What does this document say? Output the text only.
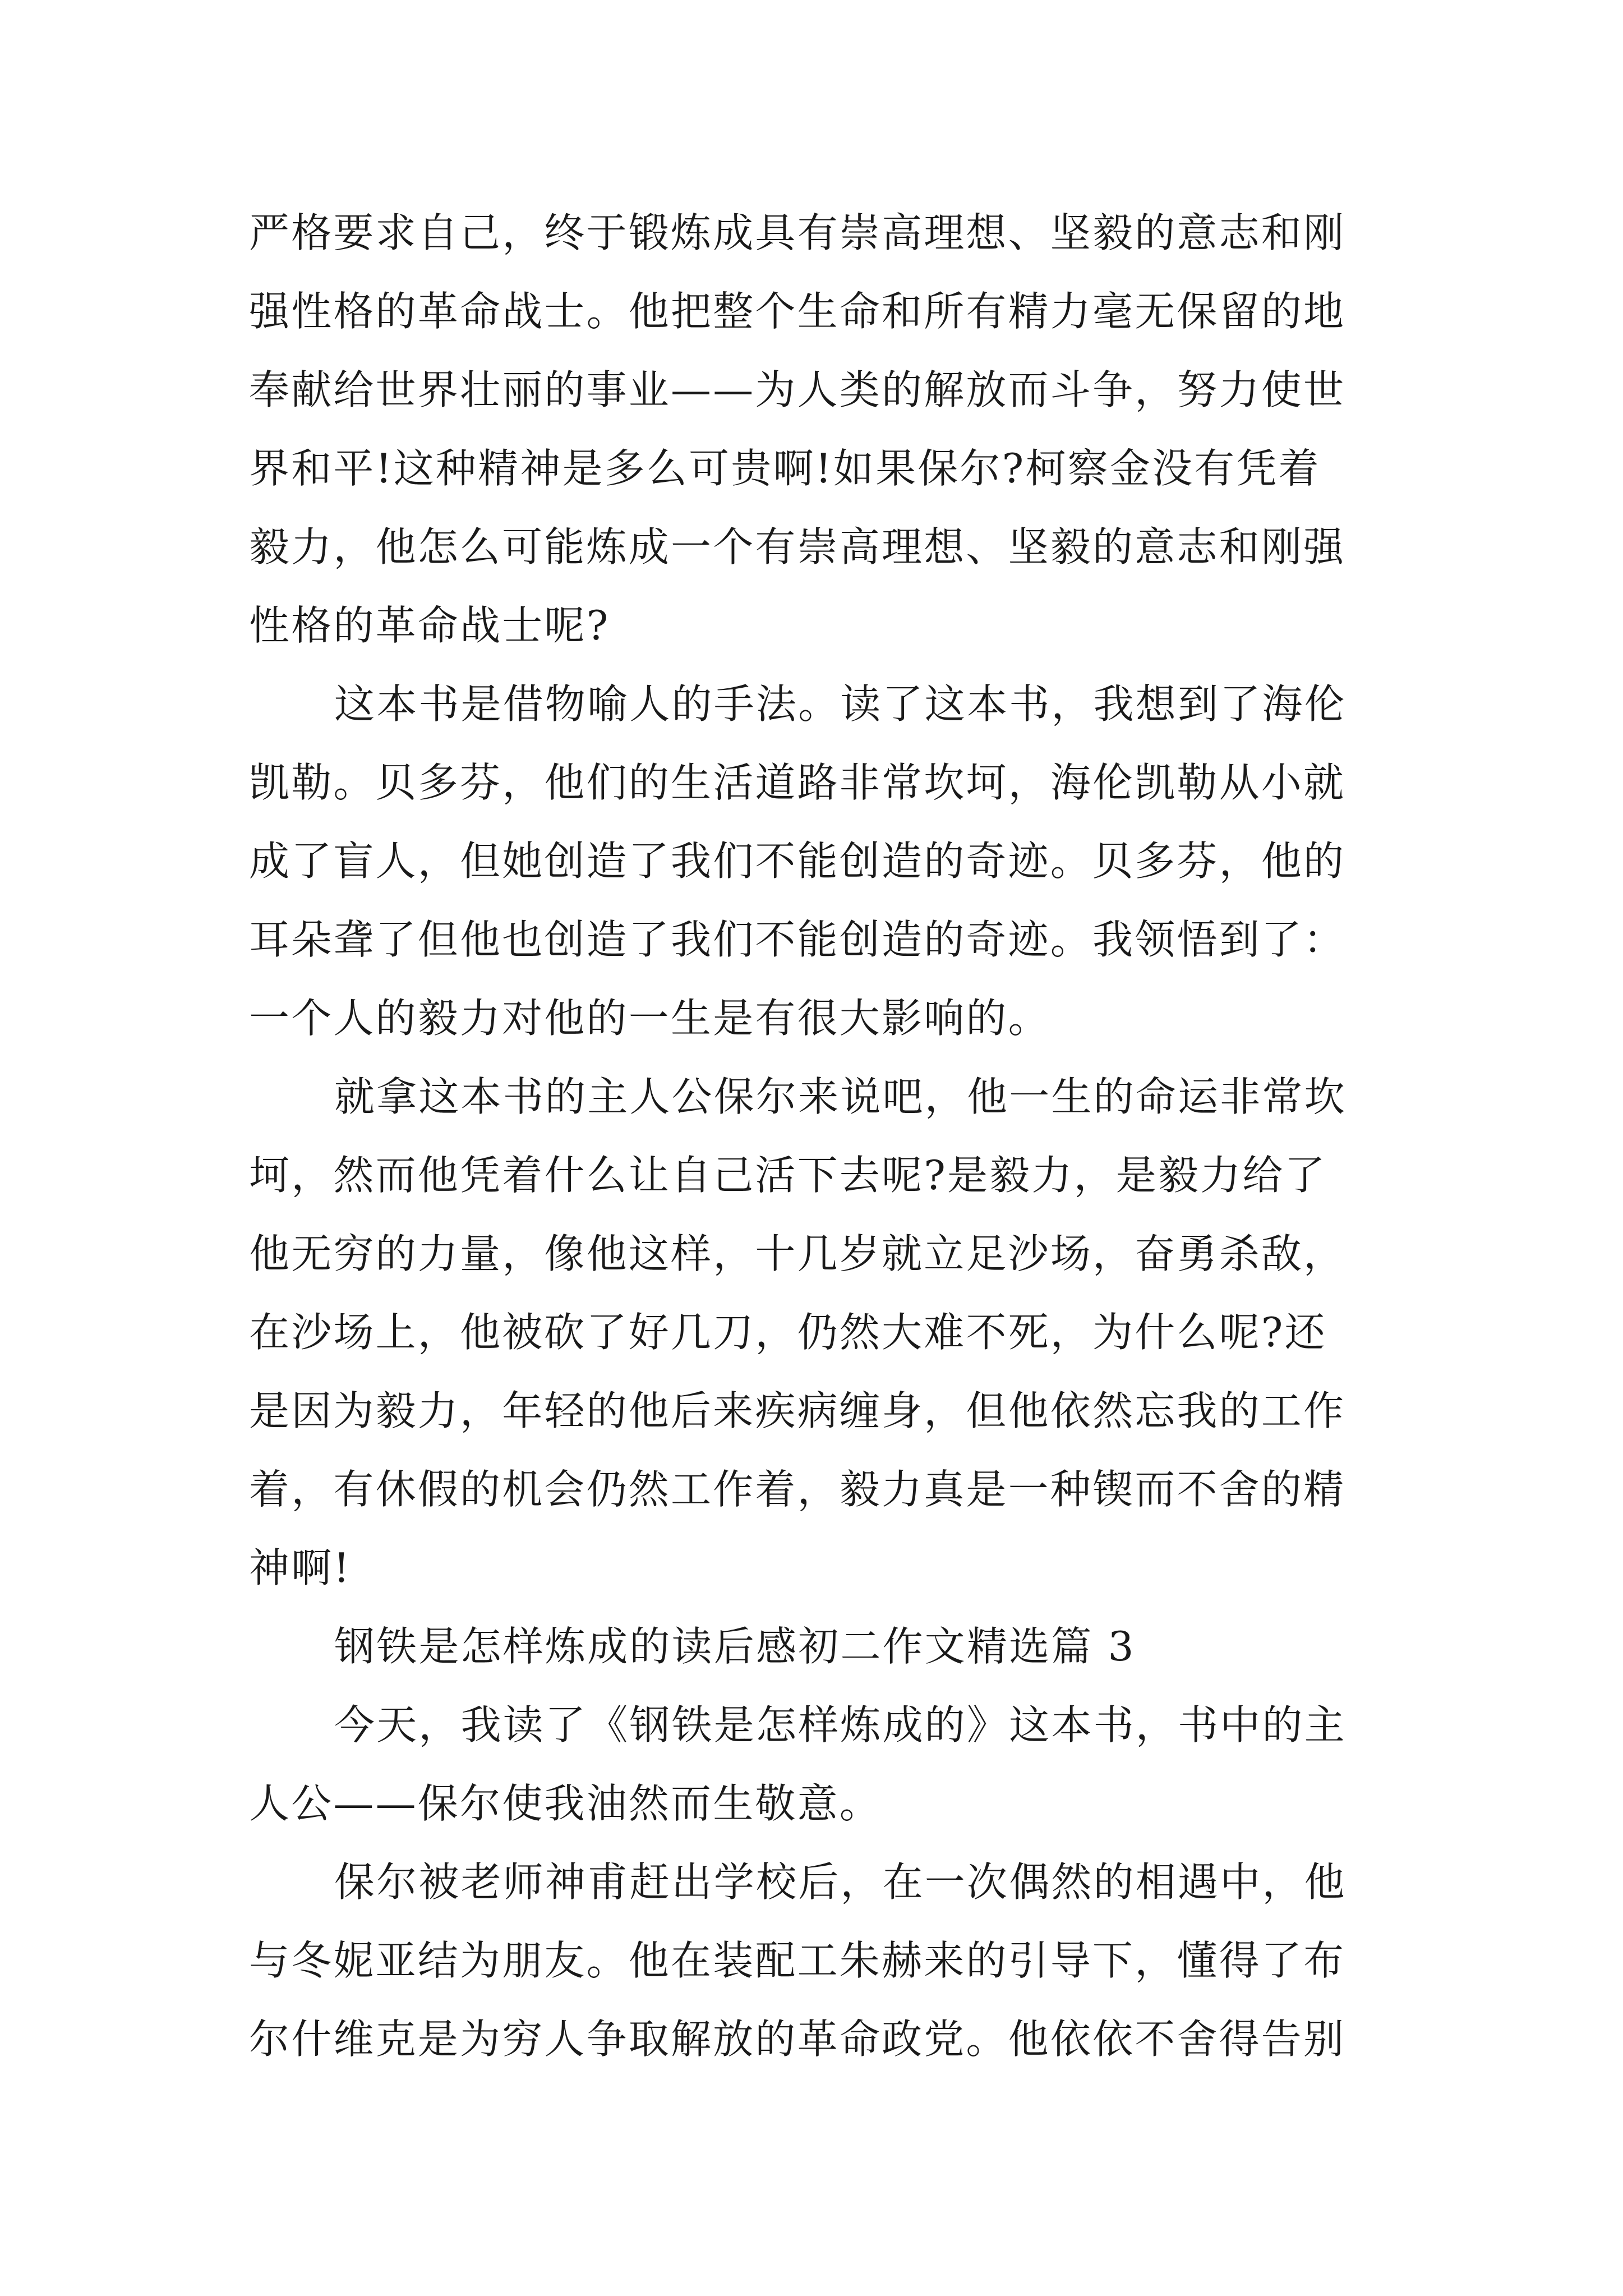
严格要求自己，终于锻炼成具有崇高理想、坚毅的意志和刚
强性格的革命战士。他把整个生命和所有精力毫无保留的地
奉献给世界壮丽的事业——为人类的解放而斗争，努力使世
界和平!这种精神是多么可贵啊!如果保尔?柯察金没有凭着
毅力，他怎么可能炼成一个有崇高理想、坚毅的意志和刚强
性格的革命战士呢?
这本书是借物喻人的手法。读了这本书，我想到了海伦
凯勒。贝多芬，他们的生活道路非常坎坷，海伦凯勒从小就
成了盲人，但她创造了我们不能创造的奇迹。贝多芬，他的
耳朵聋了但他也创造了我们不能创造的奇迹。我领悟到了：
一个人的毅力对他的一生是有很大影响的。
就拿这本书的主人公保尔来说吧，他一生的命运非常坎
坷，然而他凭着什么让自己活下去呢?是毅力，是毅力给了
他无穷的力量，像他这样，十几岁就立足沙场，奋勇杀敌，
在沙场上，他被砍了好几刀，仍然大难不死，为什么呢?还
是因为毅力，年轻的他后来疾病缠身，但他依然忘我的工作
着，有休假的机会仍然工作着，毅力真是一种锲而不舍的精
神啊!
钢铁是怎样炼成的读后感初二作文精选篇 3
今天，我读了《钢铁是怎样炼成的》这本书，书中的主
人公——保尔使我油然而生敬意。
保尔被老师神甫赶出学校后，在一次偶然的相遇中，他
与冬妮亚结为朋友。他在装配工朱赫来的引导下，懂得了布
尔什维克是为穷人争取解放的革命政党。他依依不舍得告别
